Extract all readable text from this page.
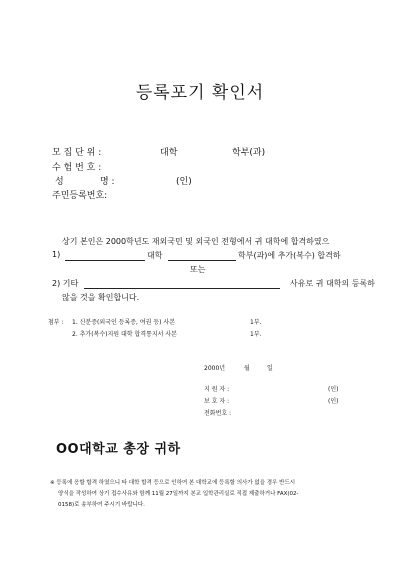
등록포기 확인서
모 집 단 위 :	대학	학부(과)
수 험 번 호 :
성	명 :	(인)
주민등록번호:
상기 본인은 2000학년도 재외국민 및 외국인 전형에서 귀 대학에 합격하였으
1)	대학	학부(과)에 추가(복수) 합격하
또는
2) 기타	사유로 귀 대학의 등록하
않을 것을 확인합니다.
첨부 : 1. 신분증(외국인 등록증, 여권 등) 사본	1부.
2. 추가(복수)지원 대학 합격통지서 사본	1부.
2000년	월	일
지 원 자 :	(인)
보 호 자 :	(인)
전화번호 :
OO대학교 총장 귀하
※ 등록에 응할 합격 하였으니 타 대학 합격 등으로 인하여 본 대학교에 등록할 의사가 없을 경우 반드시
양식을 작성하여 상기 접수사유와 함께 11월 27일까지 본교 입학관리실로 직접 제출하거나 FAX(02-
0158)로 송부하여 주시기 바랍니다.
